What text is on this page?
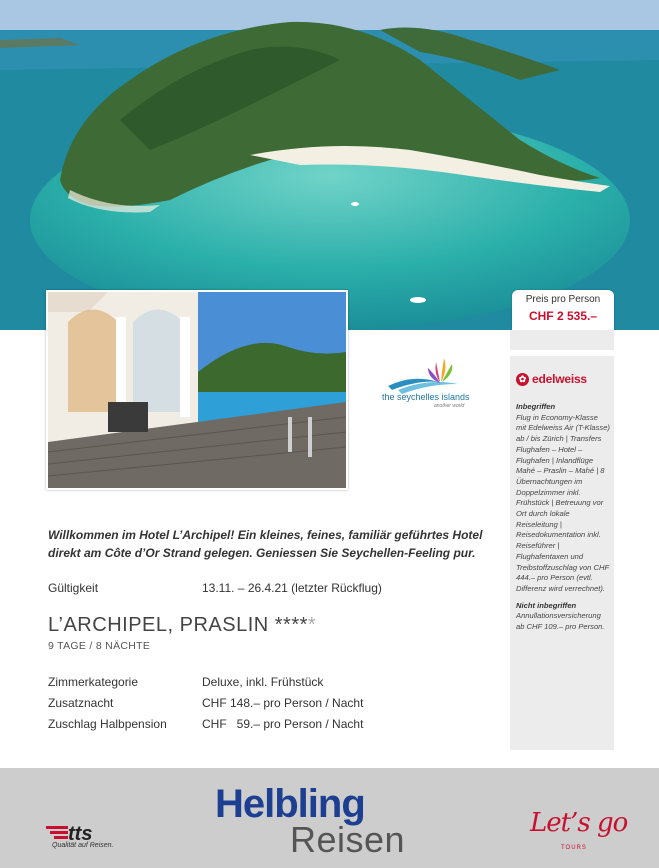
Preis pro Person
CHF 2 535.–
✿ edelweiss
Inbegriffen
Flug in Economy-Klasse mit Edelweiss Air (T-Klasse) ab / bis Zürich | Transfers Flughafen – Hotel – Flughafen | Inlandflüge Mahé – Praslin – Mahé | 8 Übernachtungen im Doppelzimmer inkl. Frühstück | Betreuung vor Ort durch lokale Reiseleitung | Reisedokumentation inkl. Reiseführer | Flughafentaxen und Treibstoffzuschlag von CHF 444.– pro Person (evtl. Differenz wird verrechnet).
Nicht inbegriffen
Annullationsversicherung ab CHF 109.– pro Person.
the seychelles islands
another world
Willkommen im Hotel L’Archipel! Ein kleines, feines, familiär geführtes Hotel direkt am Côte d’Or Strand gelegen. Geniessen Sie Seychellen-Feeling pur.
Gültigkeit	13.11. – 26.4.21 (letzter Rückflug)
L’ARCHIPEL, PRASLIN *****
9 TAGE / 8 NÄCHTE
Zimmerkategorie	Deluxe, inkl. Frühstück
Zusatznacht	CHF 148.– pro Person / Nacht
Zuschlag Halbpension	CHF   59.– pro Person / Nacht
tts
Qualität auf Reisen.
Helbling
Reisen	Let’s go
TOURS
